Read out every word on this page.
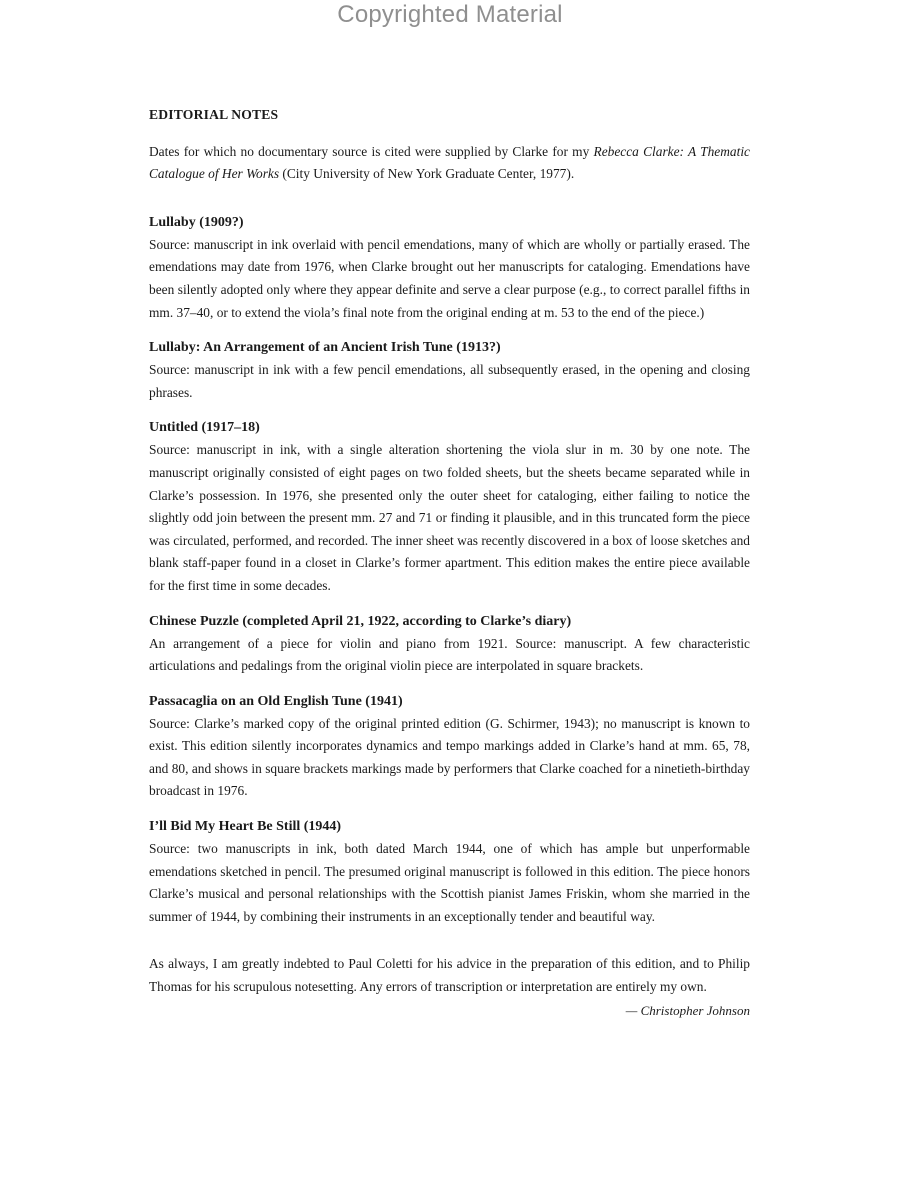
Copyrighted Material
EDITORIAL NOTES

Dates for which no documentary source is cited were supplied by Clarke for my Rebecca Clarke: A Thematic Catalogue of Her Works (City University of New York Graduate Center, 1977).

Lullaby (1909?)
Source: manuscript in ink overlaid with pencil emendations, many of which are wholly or partially erased. The emendations may date from 1976, when Clarke brought out her manuscripts for cataloging. Emendations have been silently adopted only where they appear definite and serve a clear purpose (e.g., to correct parallel fifths in mm. 37–40, or to extend the viola’s final note from the original ending at m. 53 to the end of the piece.)
Lullaby: An Arrangement of an Ancient Irish Tune (1913?)
Source: manuscript in ink with a few pencil emendations, all subsequently erased, in the opening and closing phrases.
Untitled (1917–18)
Source: manuscript in ink, with a single alteration shortening the viola slur in m. 30 by one note. The manuscript originally consisted of eight pages on two folded sheets, but the sheets became separated while in Clarke’s possession. In 1976, she presented only the outer sheet for cataloging, either failing to notice the slightly odd join between the present mm. 27 and 71 or finding it plausible, and in this truncated form the piece was circulated, performed, and recorded. The inner sheet was recently discovered in a box of loose sketches and blank staff-paper found in a closet in Clarke’s former apartment. This edition makes the entire piece available for the first time in some decades.
Chinese Puzzle (completed April 21, 1922, according to Clarke’s diary)
An arrangement of a piece for violin and piano from 1921. Source: manuscript. A few characteristic articulations and pedalings from the original violin piece are interpolated in square brackets.
Passacaglia on an Old English Tune (1941)
Source: Clarke’s marked copy of the original printed edition (G. Schirmer, 1943); no manuscript is known to exist. This edition silently incorporates dynamics and tempo markings added in Clarke’s hand at mm. 65, 78, and 80, and shows in square brackets markings made by performers that Clarke coached for a ninetieth-birthday broadcast in 1976.
I’ll Bid My Heart Be Still (1944)
Source: two manuscripts in ink, both dated March 1944, one of which has ample but unperformable emendations sketched in pencil. The presumed original manuscript is followed in this edition. The piece honors Clarke’s musical and personal relationships with the Scottish pianist James Friskin, whom she married in the summer of 1944, by combining their instruments in an exceptionally tender and beautiful way.

As always, I am greatly indebted to Paul Coletti for his advice in the preparation of this edition, and to Philip Thomas for his scrupulous notesetting. Any errors of transcription or interpretation are entirely my own.

— Christopher Johnson
